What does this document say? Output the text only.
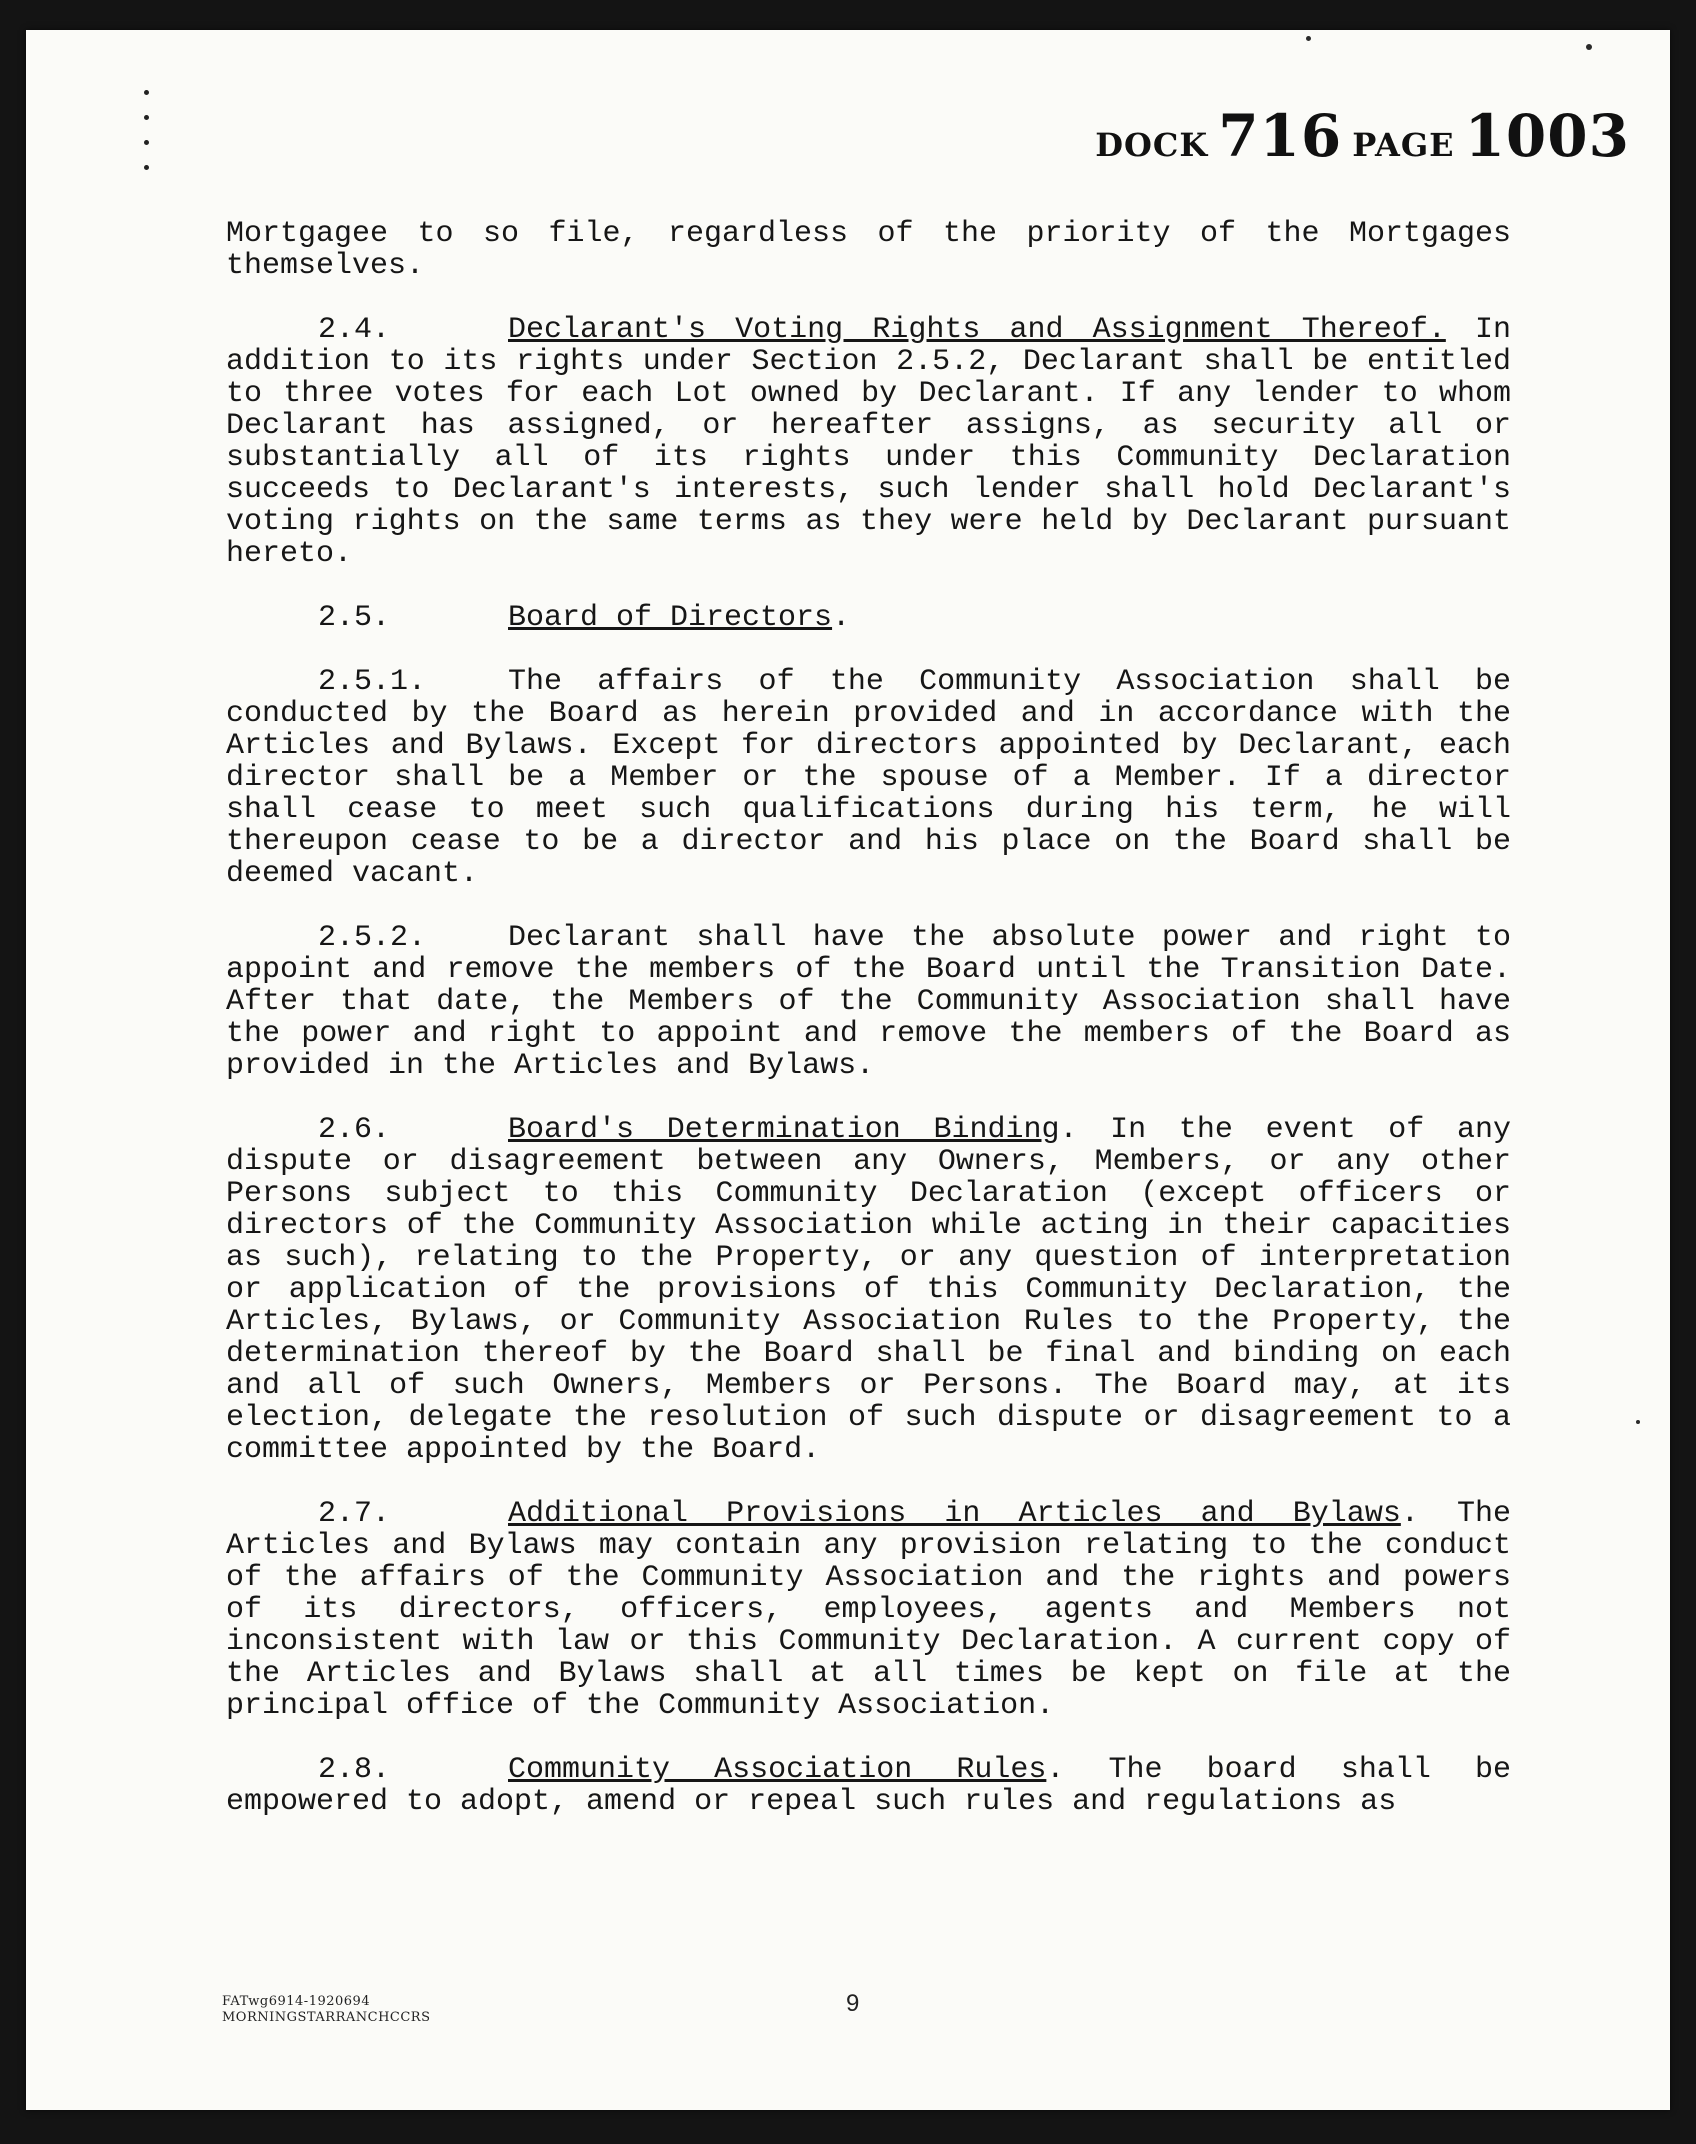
DOCK 716 PAGE 1003

Mortgagee to so file, regardless of the priority of the Mortgages themselves.

2.4.	Declarant's Voting Rights and Assignment Thereof. In addition to its rights under Section 2.5.2, Declarant shall be entitled to three votes for each Lot owned by Declarant. If any lender to whom Declarant has assigned, or hereafter assigns, as security all or substantially all of its rights under this Community Declaration succeeds to Declarant's interests, such lender shall hold Declarant's voting rights on the same terms as they were held by Declarant pursuant hereto.

2.5.	Board of Directors.

2.5.1.	The affairs of the Community Association shall be conducted by the Board as herein provided and in accordance with the Articles and Bylaws. Except for directors appointed by Declarant, each director shall be a Member or the spouse of a Member. If a director shall cease to meet such qualifications during his term, he will thereupon cease to be a director and his place on the Board shall be deemed vacant.

2.5.2.	Declarant shall have the absolute power and right to appoint and remove the members of the Board until the Transition Date. After that date, the Members of the Community Association shall have the power and right to appoint and remove the members of the Board as provided in the Articles and Bylaws.

2.6.	Board's Determination Binding. In the event of any dispute or disagreement between any Owners, Members, or any other Persons subject to this Community Declaration (except officers or directors of the Community Association while acting in their capacities as such), relating to the Property, or any question of interpretation or application of the provisions of this Community Declaration, the Articles, Bylaws, or Community Association Rules to the Property, the determination thereof by the Board shall be final and binding on each and all of such Owners, Members or Persons. The Board may, at its election, delegate the resolution of such dispute or disagreement to a committee appointed by the Board.

2.7.	Additional Provisions in Articles and Bylaws. The Articles and Bylaws may contain any provision relating to the conduct of the affairs of the Community Association and the rights and powers of its directors, officers, employees, agents and Members not inconsistent with law or this Community Declaration. A current copy of the Articles and Bylaws shall at all times be kept on file at the principal office of the Community Association.

2.8.	Community Association Rules. The board shall be empowered to adopt, amend or repeal such rules and regulations as

FATwg6914-1920694
MORNINGSTARRANCHCCRS
9
